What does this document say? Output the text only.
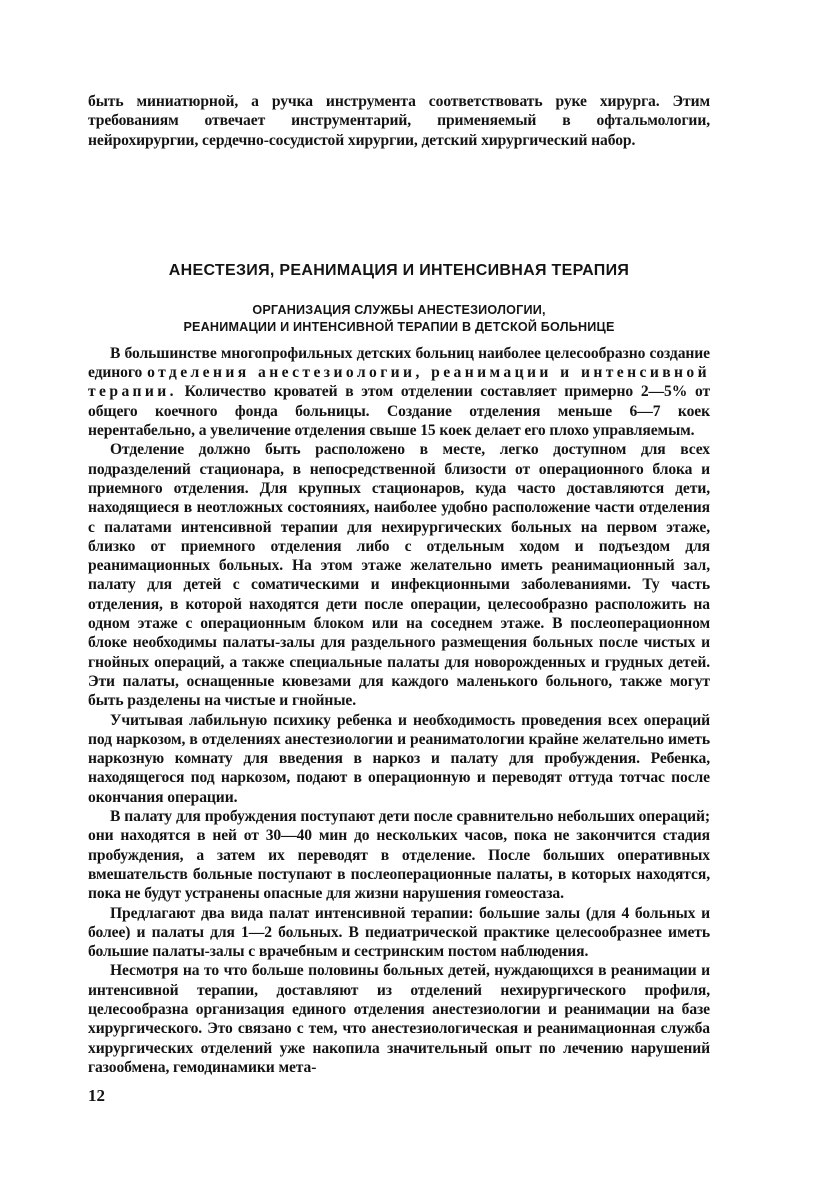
быть миниатюрной, а ручка инструмента соответствовать руке хирурга. Этим требованиям отвечает инструментарий, применяемый в офтальмологии, нейрохирургии, сердечно-сосудистой хирургии, детский хирургический набор.

АНЕСТЕЗИЯ, РЕАНИМАЦИЯ И ИНТЕНСИВНАЯ ТЕРАПИЯ
ОРГАНИЗАЦИЯ СЛУЖБЫ АНЕСТЕЗИОЛОГИИ,
РЕАНИМАЦИИ И ИНТЕНСИВНОЙ ТЕРАПИИ В ДЕТСКОЙ БОЛЬНИЦЕ

В большинстве многопрофильных детских больниц наиболее целесообразно создание единого отделения анестезиологии, реанимации и интенсивной терапии. Количество кроватей в этом отделении составляет примерно 2—5% от общего коечного фонда больницы. Создание отделения меньше 6—7 коек нерентабельно, а увеличение отделения свыше 15 коек делает его плохо управляемым.

Отделение должно быть расположено в месте, легко доступном для всех подразделений стационара, в непосредственной близости от операционного блока и приемного отделения. Для крупных стационаров, куда часто доставляются дети, находящиеся в неотложных состояниях, наиболее удобно расположение части отделения с палатами интенсивной терапии для нехирургических больных на первом этаже, близко от приемного отделения либо с отдельным ходом и подъездом для реанимационных больных. На этом этаже желательно иметь реанимационный зал, палату для детей с соматическими и инфекционными заболеваниями. Ту часть отделения, в которой находятся дети после операции, целесообразно расположить на одном этаже с операционным блоком или на соседнем этаже. В послеоперационном блоке необходимы палаты-залы для раздельного размещения больных после чистых и гнойных операций, а также специальные палаты для новорожденных и грудных детей. Эти палаты, оснащенные кювезами для каждого маленького больного, также могут быть разделены на чистые и гнойные.

Учитывая лабильную психику ребенка и необходимость проведения всех операций под наркозом, в отделениях анестезиологии и реаниматологии крайне желательно иметь наркозную комнату для введения в наркоз и палату для пробуждения. Ребенка, находящегося под наркозом, подают в операционную и переводят оттуда тотчас после окончания операции.

В палату для пробуждения поступают дети после сравнительно небольших операций; они находятся в ней от 30—40 мин до нескольких часов, пока не закончится стадия пробуждения, а затем их переводят в отделение. После больших оперативных вмешательств больные поступают в послеоперационные палаты, в которых находятся, пока не будут устранены опасные для жизни нарушения гомеостаза.

Предлагают два вида палат интенсивной терапии: большие залы (для 4 больных и более) и палаты для 1—2 больных. В педиатрической практике целесообразнее иметь большие палаты-залы с врачебным и сестринским постом наблюдения.

Несмотря на то что больше половины больных детей, нуждающихся в реанимации и интенсивной терапии, доставляют из отделений нехирургического профиля, целесообразна организация единого отделения анестезиологии и реанимации на базе хирургического. Это связано с тем, что анестезиологическая и реанимационная служба хирургических отделений уже накопила значительный опыт по лечению нарушений газообмена, гемодинамики мета-

12
